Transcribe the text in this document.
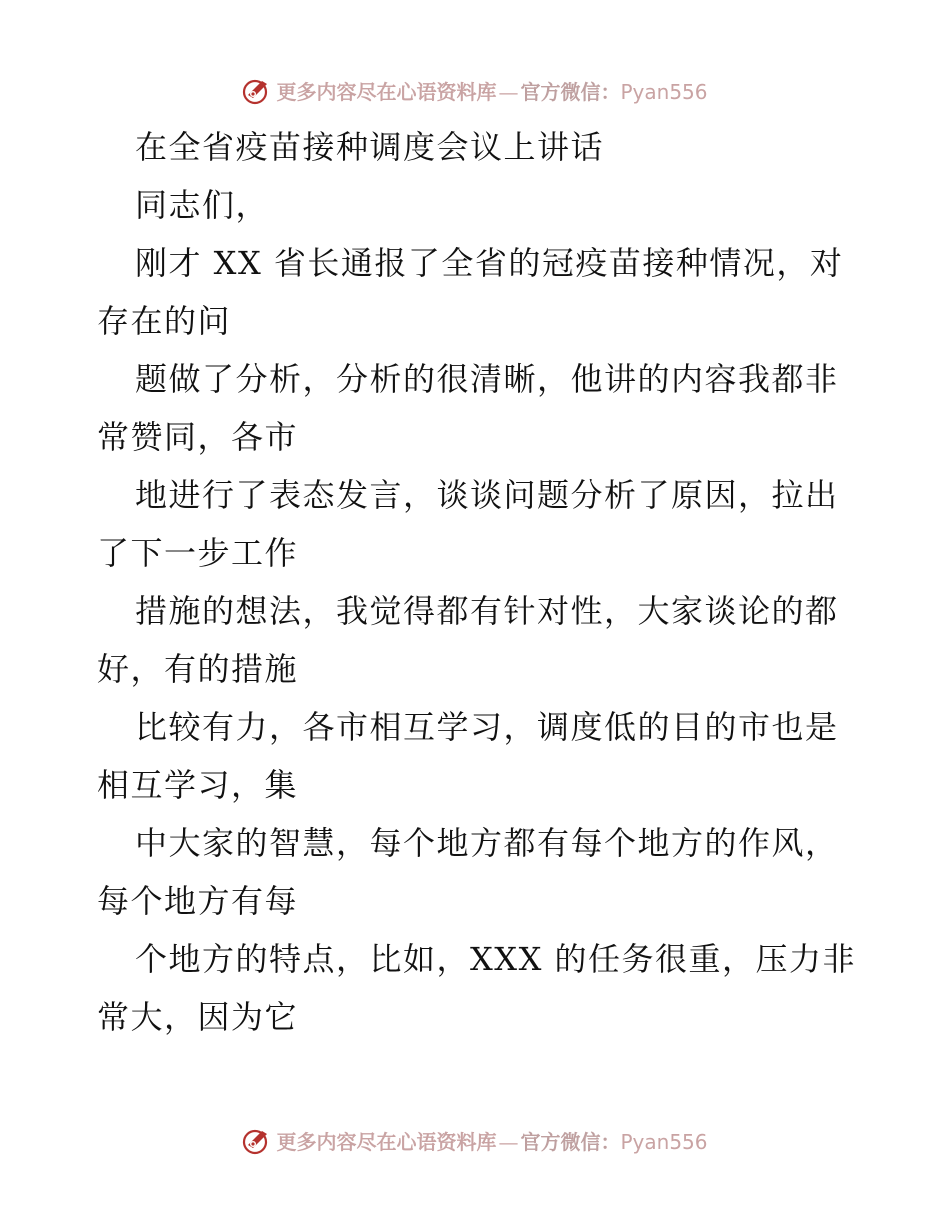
更多内容尽在心语资料库 — 官方微信：Pyan556
在全省疫苗接种调度会议上讲话
同志们，
刚才 XX 省长通报了全省的冠疫苗接种情况，对
存在的问
题做了分析，分析的很清晰，他讲的内容我都非
常赞同，各市
地进行了表态发言，谈谈问题分析了原因，拉出
了下一步工作
措施的想法，我觉得都有针对性，大家谈论的都
好，有的措施
比较有力，各市相互学习，调度低的目的市也是
相互学习，集
中大家的智慧，每个地方都有每个地方的作风，
每个地方有每
个地方的特点，比如，XXX 的任务很重，压力非
常大，因为它
更多内容尽在心语资料库 — 官方微信：Pyan556
